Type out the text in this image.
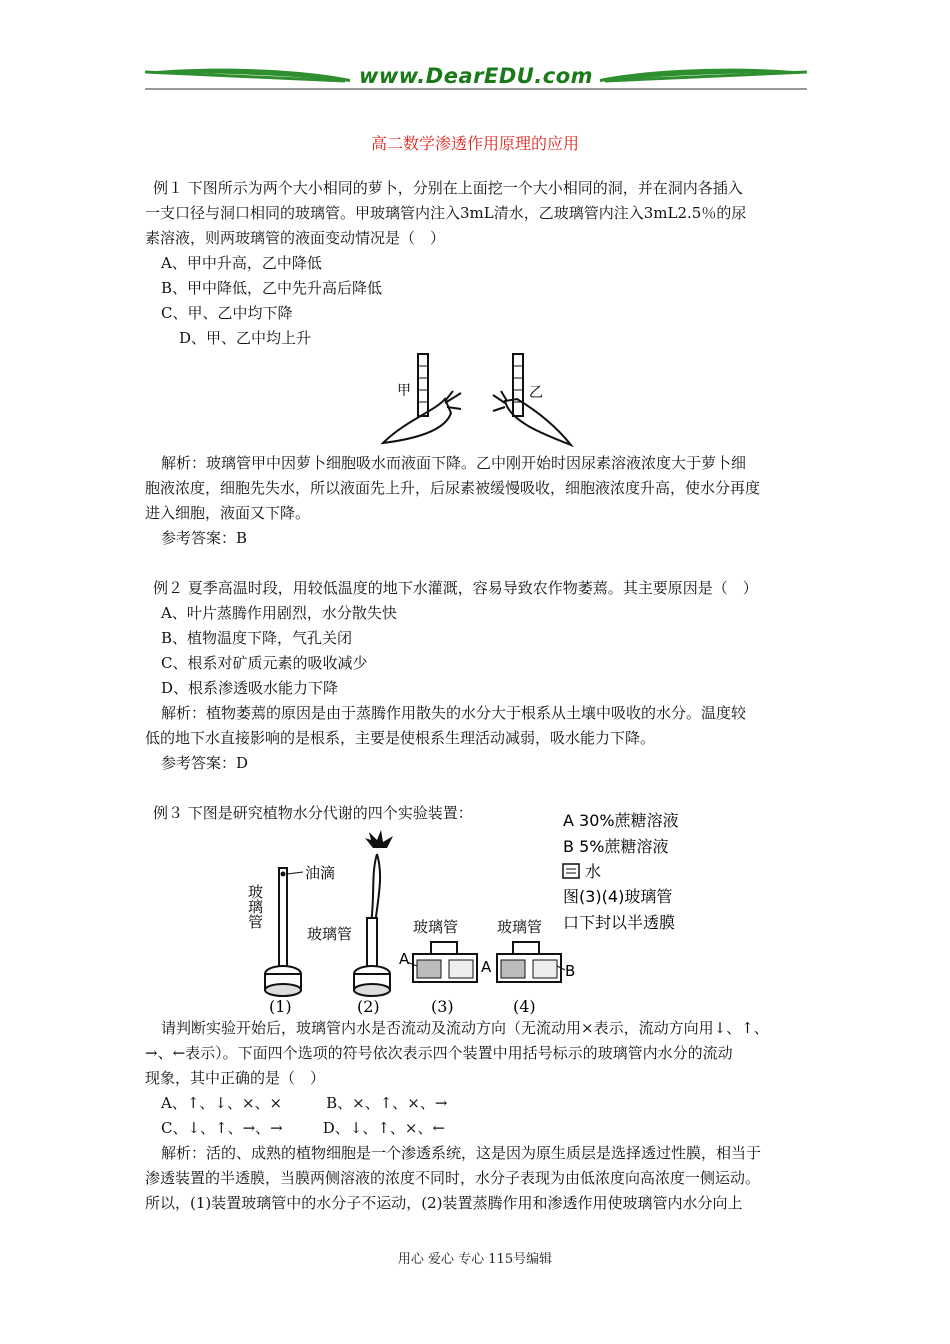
www.DearEDU.com
高二数学渗透作用原理的应用

例１ 下图所示为两个大小相同的萝卜，分别在上面挖一个大小相同的洞，并在洞内各插入

一支口径与洞口相同的玻璃管。甲玻璃管内注入3mL清水，乙玻璃管内注入3mL2.5％的尿

素溶液，则两玻璃管的液面变动情况是（　）

A、甲中升高，乙中降低

B、甲中降低，乙中先升高后降低

C、甲、乙中均下降

D、甲、乙中均上升

甲	乙

解析：玻璃管甲中因萝卜细胞吸水而液面下降。乙中刚开始时因尿素溶液浓度大于萝卜细

胞液浓度，细胞先失水，所以液面先上升，后尿素被缓慢吸收，细胞液浓度升高，使水分再度

进入细胞，液面又下降。

参考答案：B

例２ 夏季高温时段，用较低温度的地下水灌溉，容易导致农作物萎蔫。其主要原因是（　）

A、叶片蒸腾作用剧烈，水分散失快

B、植物温度下降，气孔关闭

C、根系对矿质元素的吸收减少

D、根系渗透吸水能力下降

解析：植物萎蔫的原因是由于蒸腾作用散失的水分大于根系从土壤中吸收的水分。温度较

低的地下水直接影响的是根系，主要是使根系生理活动减弱，吸水能力下降。

参考答案：D

例３ 下图是研究植物水分代谢的四个实验装置：	A 30%蔗糖溶液
B 5%蔗糖溶液
水
图(3)(4)玻璃管
口下封以半透膜
玻璃管
油滴
玻璃管	玻璃管
A	A
玻璃管
B
(1)	(2)	(3)	(4)

请判断实验开始后，玻璃管内水是否流动及流动方向（无流动用×表示，流动方向用↓、↑、

→、←表示）。下面四个选项的符号依次表示四个装置中用括号标示的玻璃管内水分的流动

现象，其中正确的是（　）

A、↑、↓、×、×	B、×、↑、×、→

C、↓、↑、→、→	D、↓、↑、×、←

解析：活的、成熟的植物细胞是一个渗透系统，这是因为原生质层是选择透过性膜，相当于

渗透装置的半透膜，当膜两侧溶液的浓度不同时，水分子表现为由低浓度向高浓度一侧运动。

所以，(1)装置玻璃管中的水分子不运动，(2)装置蒸腾作用和渗透作用使玻璃管内水分向上

用心 爱心 专心 115号编辑
